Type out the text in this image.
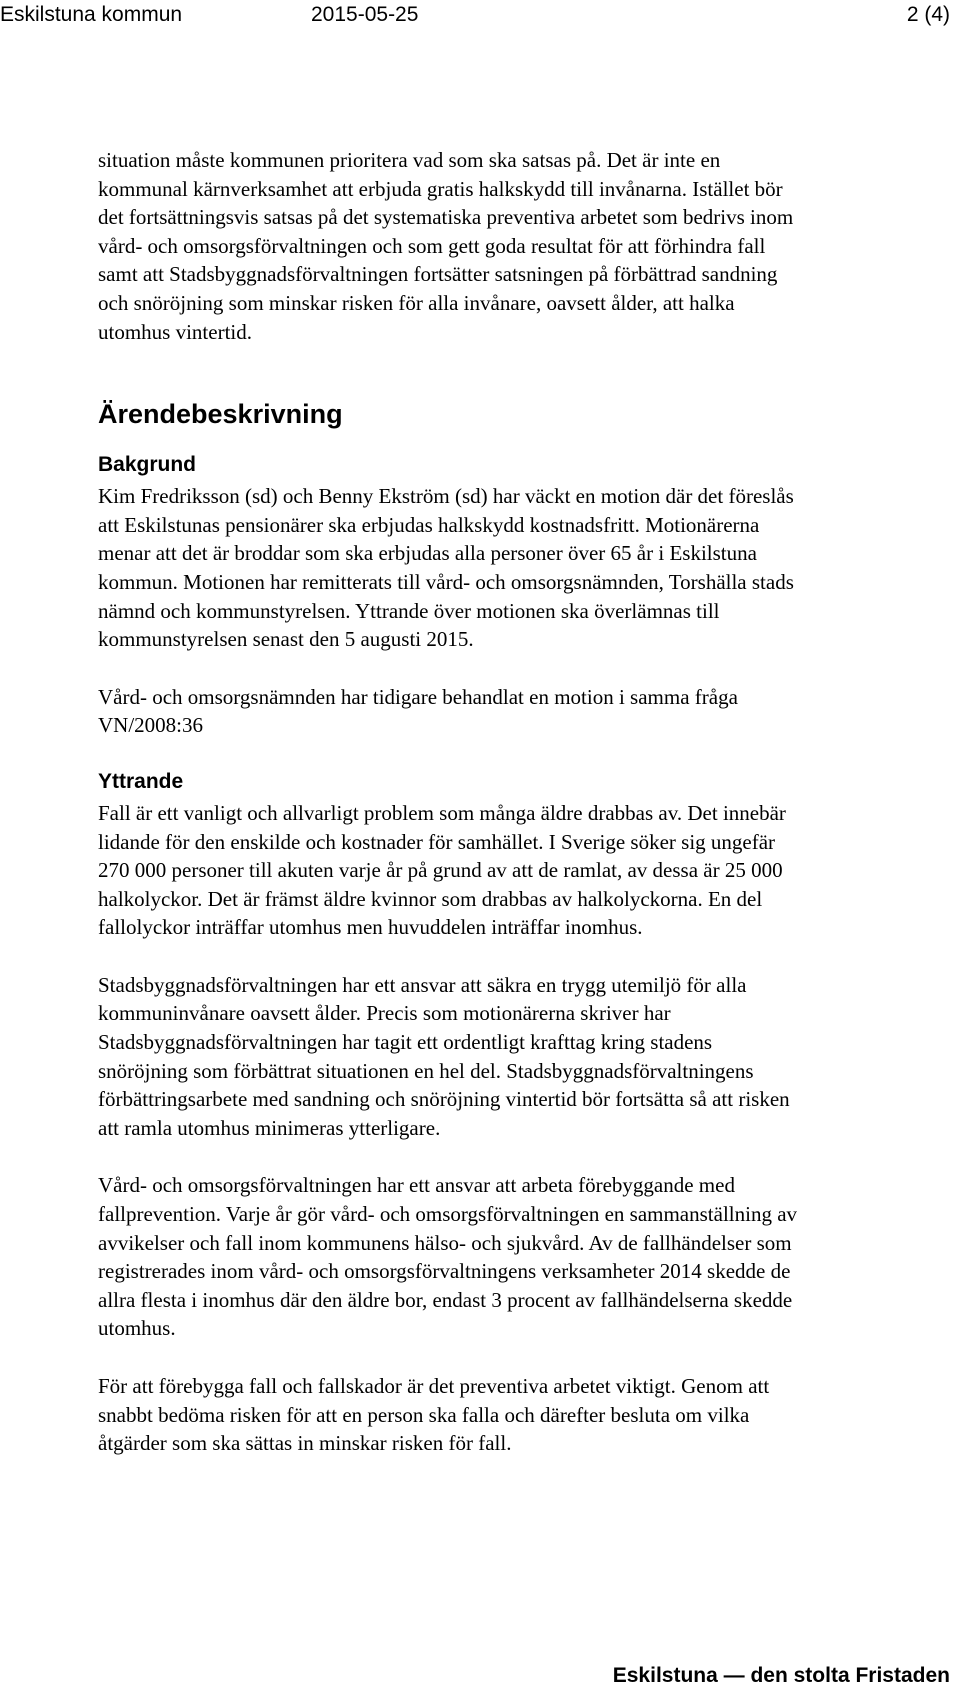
Eskilstuna kommun	2015-05-25	2 (4)

situation måste kommunen prioritera vad som ska satsas på. Det är inte en
kommunal kärnverksamhet att erbjuda gratis halkskydd till invånarna. Istället bör
det fortsättningsvis satsas på det systematiska preventiva arbetet som bedrivs inom
vård- och omsorgsförvaltningen och som gett goda resultat för att förhindra fall
samt att Stadsbyggnadsförvaltningen fortsätter satsningen på förbättrad sandning
och snöröjning som minskar risken för alla invånare, oavsett ålder, att halka
utomhus vintertid.

Ärendebeskrivning
Bakgrund

Kim Fredriksson (sd) och Benny Ekström (sd) har väckt en motion där det föreslås
att Eskilstunas pensionärer ska erbjudas halkskydd kostnadsfritt. Motionärerna
menar att det är broddar som ska erbjudas alla personer över 65 år i Eskilstuna
kommun. Motionen har remitterats till vård- och omsorgsnämnden, Torshälla stads
nämnd och kommunstyrelsen. Yttrande över motionen ska överlämnas till
kommunstyrelsen senast den 5 augusti 2015.

Vård- och omsorgsnämnden har tidigare behandlat en motion i samma fråga
VN/2008:36

Yttrande

Fall är ett vanligt och allvarligt problem som många äldre drabbas av. Det innebär
lidande för den enskilde och kostnader för samhället. I Sverige söker sig ungefär
270 000 personer till akuten varje år på grund av att de ramlat, av dessa är 25 000
halkolyckor. Det är främst äldre kvinnor som drabbas av halkolyckorna. En del
fallolyckor inträffar utomhus men huvuddelen inträffar inomhus.

Stadsbyggnadsförvaltningen har ett ansvar att säkra en trygg utemiljö för alla
kommuninvånare oavsett ålder. Precis som motionärerna skriver har
Stadsbyggnadsförvaltningen har tagit ett ordentligt krafttag kring stadens
snöröjning som förbättrat situationen en hel del. Stadsbyggnadsförvaltningens
förbättringsarbete med sandning och snöröjning vintertid bör fortsätta så att risken
att ramla utomhus minimeras ytterligare.

Vård- och omsorgsförvaltningen har ett ansvar att arbeta förebyggande med
fallprevention. Varje år gör vård- och omsorgsförvaltningen en sammanställning av
avvikelser och fall inom kommunens hälso- och sjukvård. Av de fallhändelser som
registrerades inom vård- och omsorgsförvaltningens verksamheter 2014 skedde de
allra flesta i inomhus där den äldre bor, endast 3 procent av fallhändelserna skedde
utomhus.

För att förebygga fall och fallskador är det preventiva arbetet viktigt. Genom att
snabbt bedöma risken för att en person ska falla och därefter besluta om vilka
åtgärder som ska sättas in minskar risken för fall.

Eskilstuna — den stolta Fristaden
